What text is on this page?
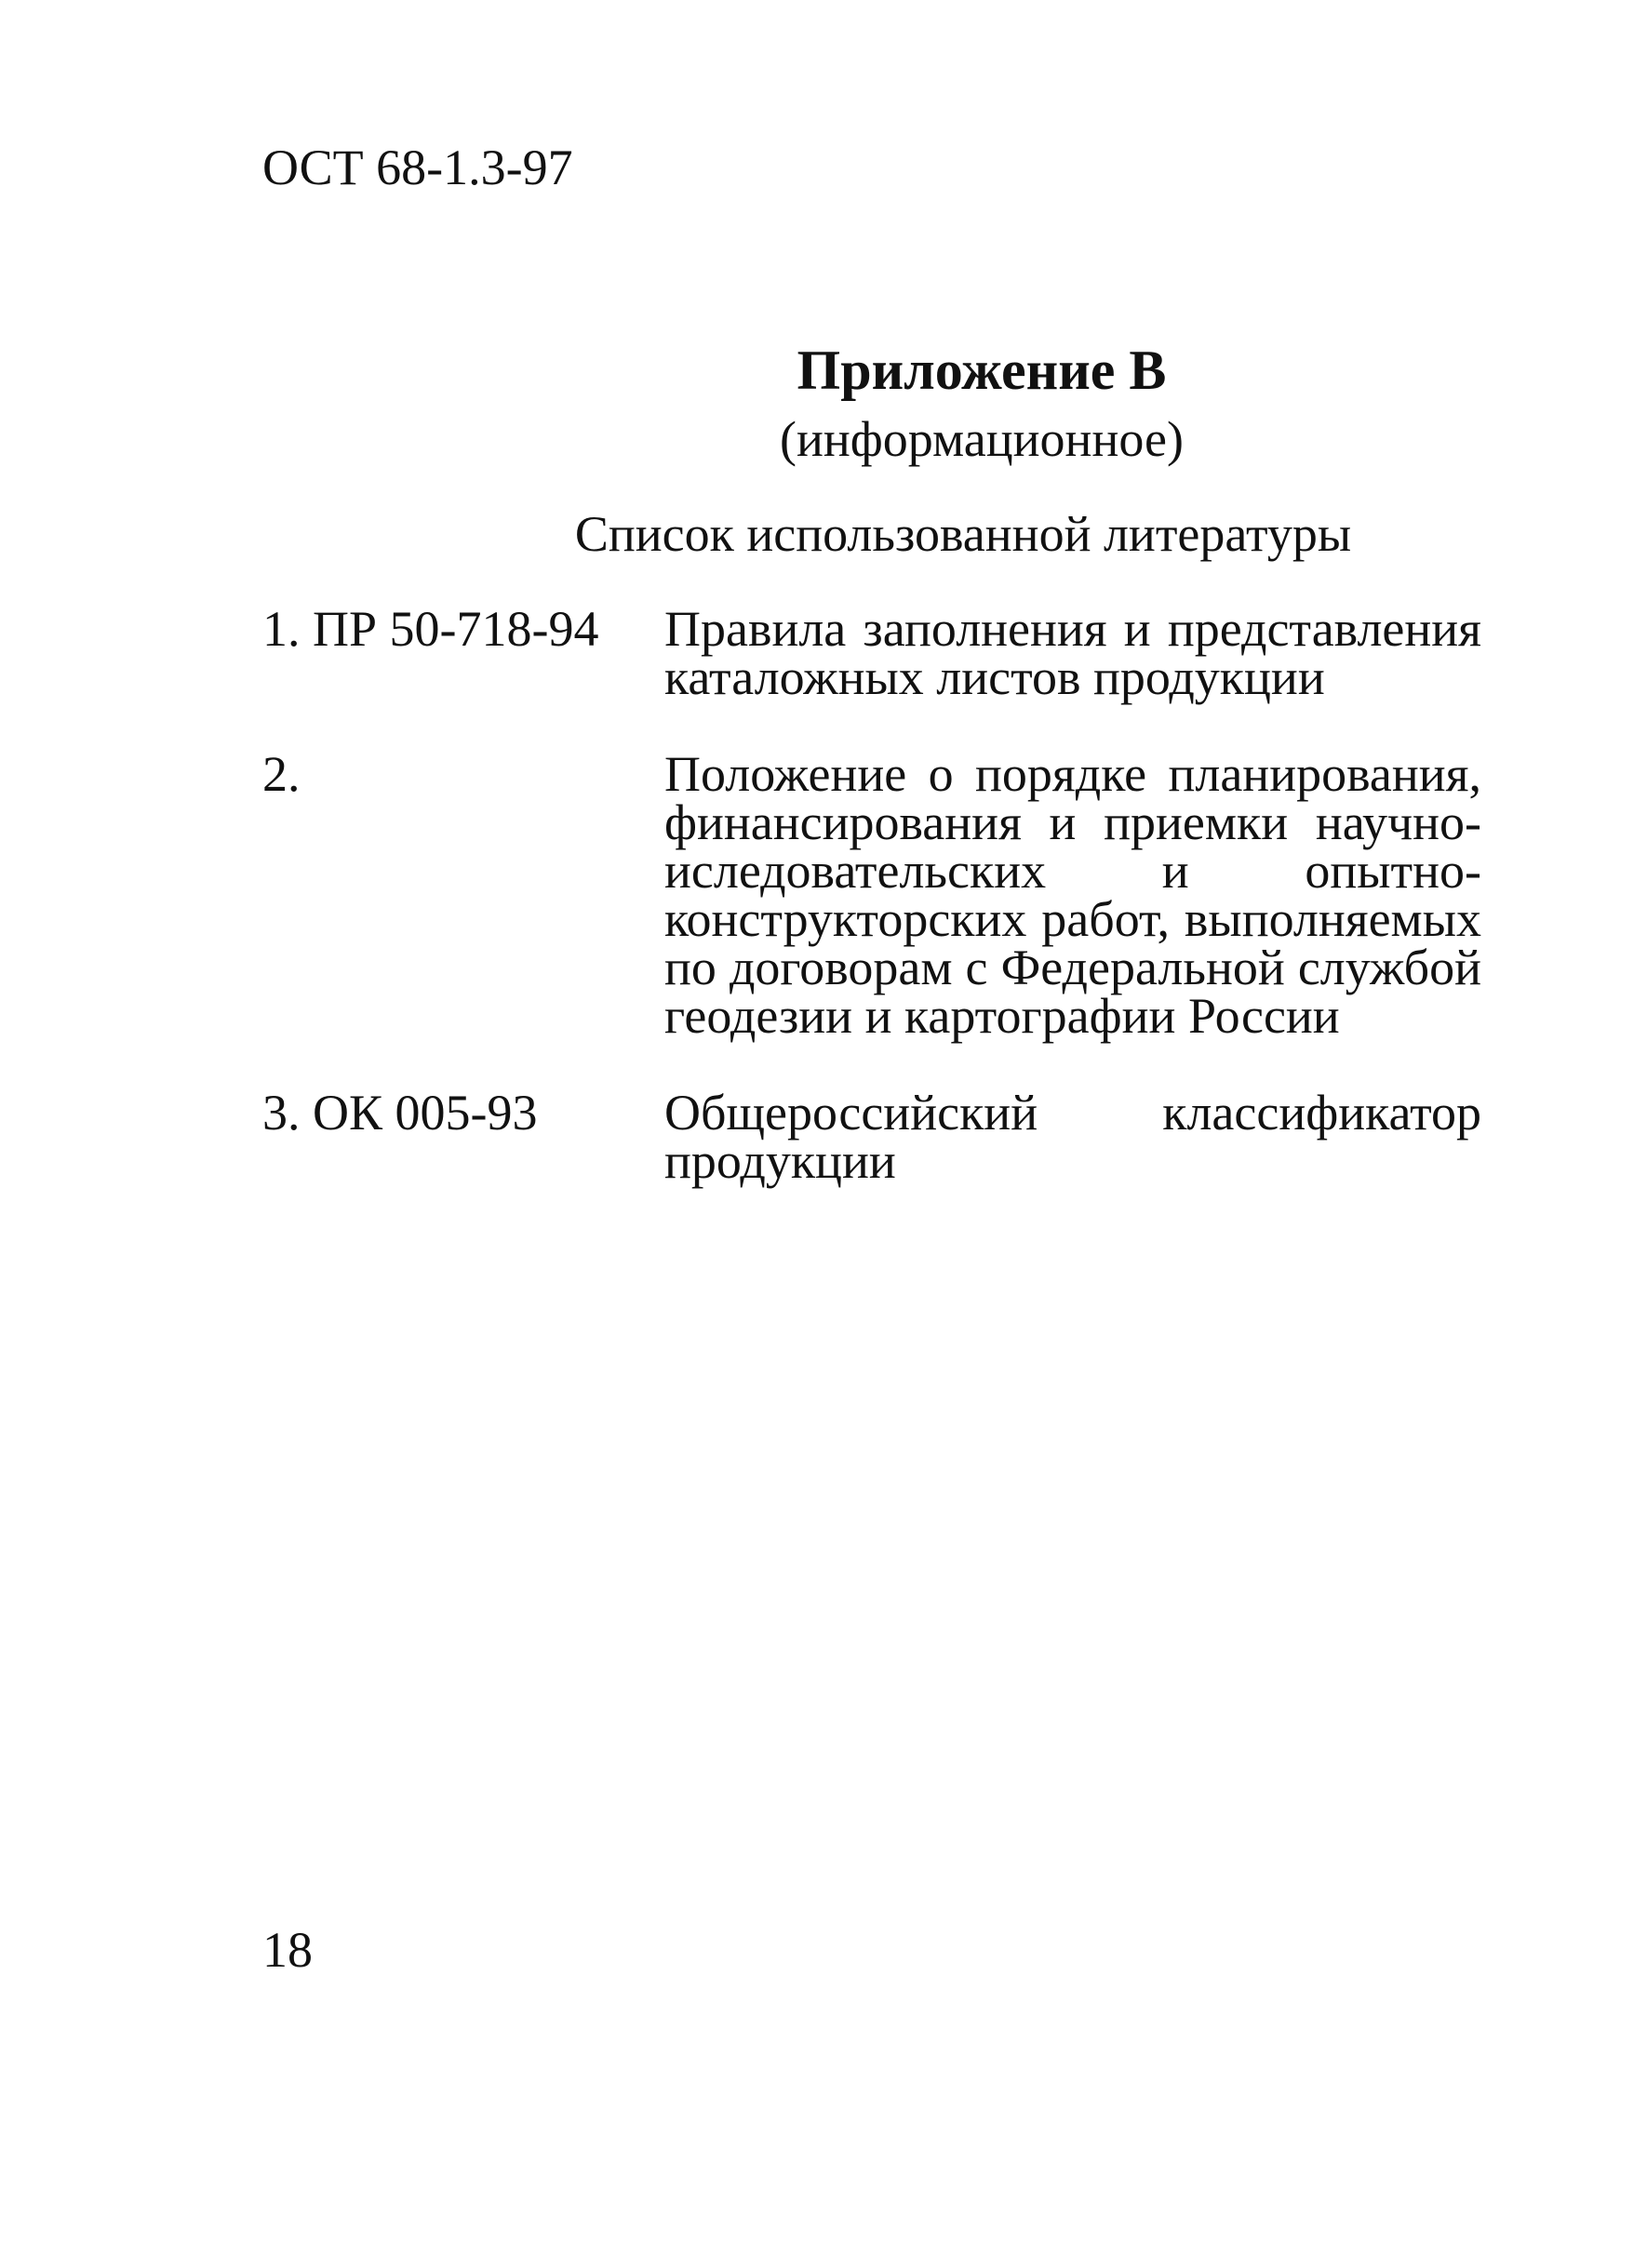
ОСТ 68-1.3-97
Приложение В
(информационное)
Список использованной литературы
1. ПР 50-718-94	Правила заполнения и представления каталожных листов продукции
2.	Положение о порядке планирования, финансирования и приемки научно-иследовательских и опытно-конструкторских работ, выполняемых по договорам с Федеральной службой геодезии и картографии России
3. ОК 005-93	Общероссийский классификатор продукции
18
